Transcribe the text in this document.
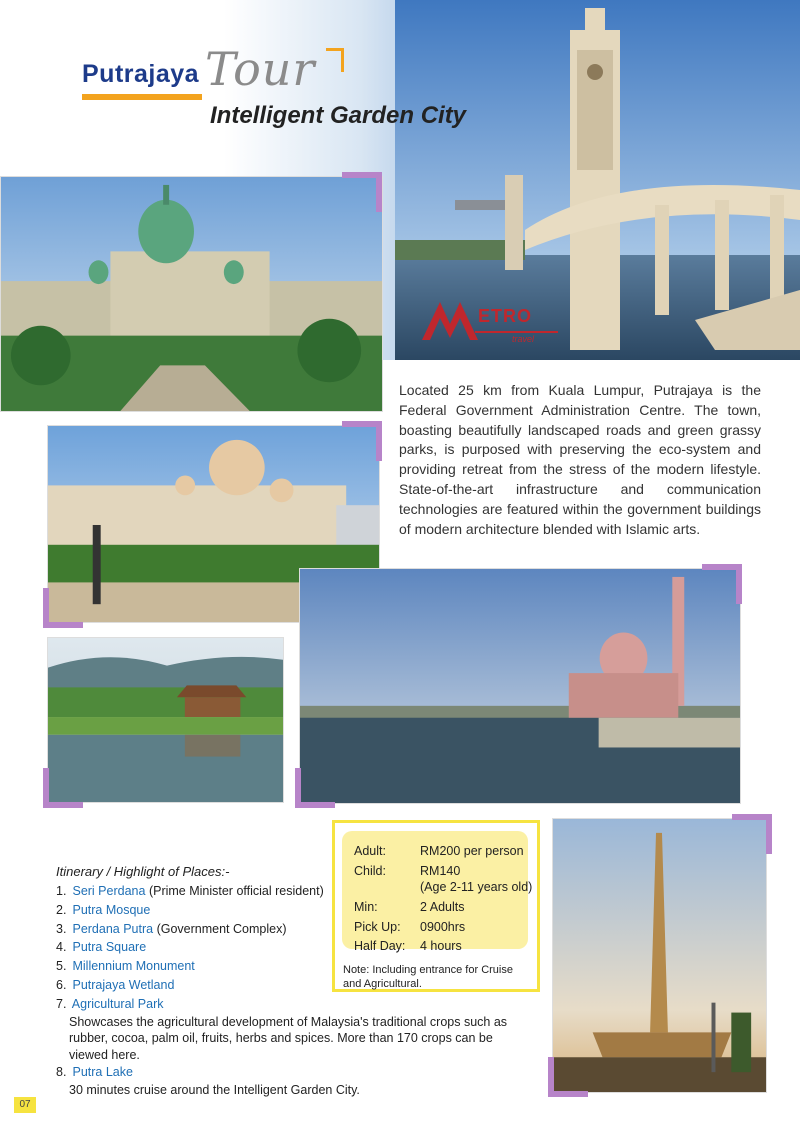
Putrajaya Tour
Intelligent Garden City
ETRO
travel

Located 25 km from Kuala Lumpur, Putrajaya is the Federal Government Administration Centre. The town, boasting beautifully landscaped roads and green grassy parks, is purposed with preserving the eco-system and providing retreat from the stress of the modern lifestyle. State-of-the-art infrastructure and communication technologies are featured within the government buildings of modern architecture blended with Islamic arts.

Adult:	RM200 per person
Child:	RM140
(Age 2-11 years old)
Min:	2 Adults
Pick Up: 0900hrs
Half Day: 4 hours
Note: Including entrance for Cruise and Agricultural.
Itinerary / Highlight of Places:-
1. Seri Perdana (Prime Minister official resident)
2. Putra Mosque
3. Perdana Putra (Government Complex)
4. Putra Square
5. Millennium Monument
6. Putrajaya Wetland
7. Agricultural Park
Showcases the agricultural development of Malaysia's traditional crops such as rubber, cocoa, palm oil, fruits, herbs and spices. More than 170 crops can be viewed here.
8. Putra Lake
30 minutes cruise around the Intelligent Garden City.
07
